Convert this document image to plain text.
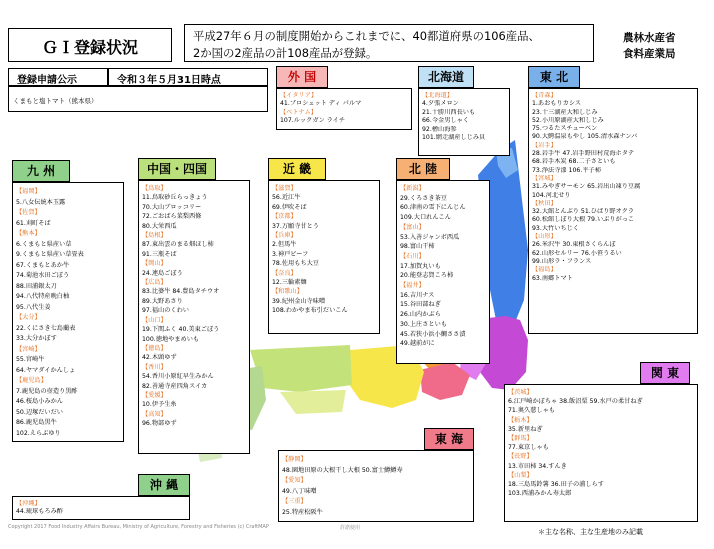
ＧＩ登録状況
平成27年６月の制度開始からこれまでに、40都道府県の106産品、
2か国の2産品の計108産品が登録。
農林水産省
食料産業局
登録申請公示	令和３年５月31日時点
くまもと塩トマト（熊本県）
外 国
【イタリア】
41.プロシュット ディ パルマ
【ベトナム】
107.ルックガン ライチ
北海道
【北海道】
4.夕張メロン
21.十勝川西長いも
66.今金男しゃく
92.檜山海参
101.網走湖産しじみ貝
東 北
【青森】
1.あおもりカシス
23.十三湖産大和しじみ
52.小川原湖産大和しじみ
75.つるたスチューベン
90.大鰐温泉もやし 105.清水森ナンバ
【岩手】
28.岩手牛 47.岩手野田村荒海ホタテ
68.岩手木炭 68.二子さといも
73.浄法寺漆 106.平子柿
【宮城】
31.みやぎサーモン 65.岩出山凍り豆腐
104.河北せり
【秋田】
32.大館とんぶり 51.ひばり野オクラ
60.松館しぼり大根 79.いぶりがっこ
93.大竹いちじく
【山形】
26.米沢牛 30.東根さくらんぼ
62.山形セルリー 76.小笹うるい
99.山形ラ・フランス
【福島】
63.南郷トマト
九 州
【福岡】
5.八女伝統本玉露
【佐賀】
61.刈町そば
【熊本】
6.くまもと県産い草
9.くまもと県産い草畳表
67.くまもとあか牛
74.菊池水田ごぼう
88.田浦銀太刀
94.八代特産晩白柚
95.八代生姜
【大分】
22.くにさき七島藺表
33.大分かぼす
【宮崎】
55.宮崎牛
64.ヤマダイかんしょ
【鹿児島】
7.鹿児島の壺造り黒酢
46.桜島小みかん
50.辺塚だいだい
86.鹿児島黒牛
102.えらぶゆり
沖 縄
【沖縄】
44.琉球もろみ酢
中国・四国
【鳥取】
11.鳥取砂丘らっきょう
70.大山ブロッコリー
72.ごおばら菜梨西條
80.大栄西瓜
【島根】
87.東出雲のまる畑ほし柿
91.三瓶そば
【岡山】
24.連島ごぼう
【広島】
83.比婆牛 84.豊島タチウオ
89.大野あさり
97.福山のくわい
【山口】
19.下関ふく 40.美東ごぼう
100.徳地やまめいも
【徳島】
42.木頭ゆず
【香川】
54.香川小原紅早生みかん
82.善通寺産四角スイカ
【愛媛】
10.伊予生糸
【高知】
96.物部ゆず
近 畿
【滋賀】
56.近江牛
69.伊吹そば
【京都】
37.万願寺甘とう
【兵庫】
2.但馬牛
3.神戸ビーフ
78.佐用もち大豆
【奈良】
12.三輪素麺
【和歌山】
39.紀州金山寺味噌
108.わかやま布引だいこん
北 陸
【新潟】
29.くろさき茶豆
60.津南の雪下にんじん
109.大口れんこん
【富山】
53.入善ジャンボ西瓜
98.富山干柿
【石川】
17.加賀丸いも
20.能登志賀ころ柿
【福井】
16.吉川ナス
15.谷田部ねぎ
26.山内かぶら
30.上庄さといも
45.若狭小浜小鯛ささ漬
49.越前がに
東 海
【静岡】
48.園地田原の大根干し大根 50.富士鱒鱒寿
【愛知】
49.八丁味噌
【三重】
25.特産松阪牛
関 東
【茨城】
6.江戸崎かぼちゃ 38.飯沼栗 59.水戸の柔甘ねぎ
71.奥久慈しゃも
【栃木】
35.新里ねぎ
【群馬】
77.東京しゃも
【長野】
13.市田柿 34.すんき
【山梨】
18.三島馬鈴薯 36.田子の浦しらす
103.西浦みかん寿太郎
＊主な名称、主な生産地のみ記載
Copyright 2017 Food Industry Affairs Bureau, Ministry of Agriculture, Forestry and Fisheries (c) CraftMAP	許諾使用
